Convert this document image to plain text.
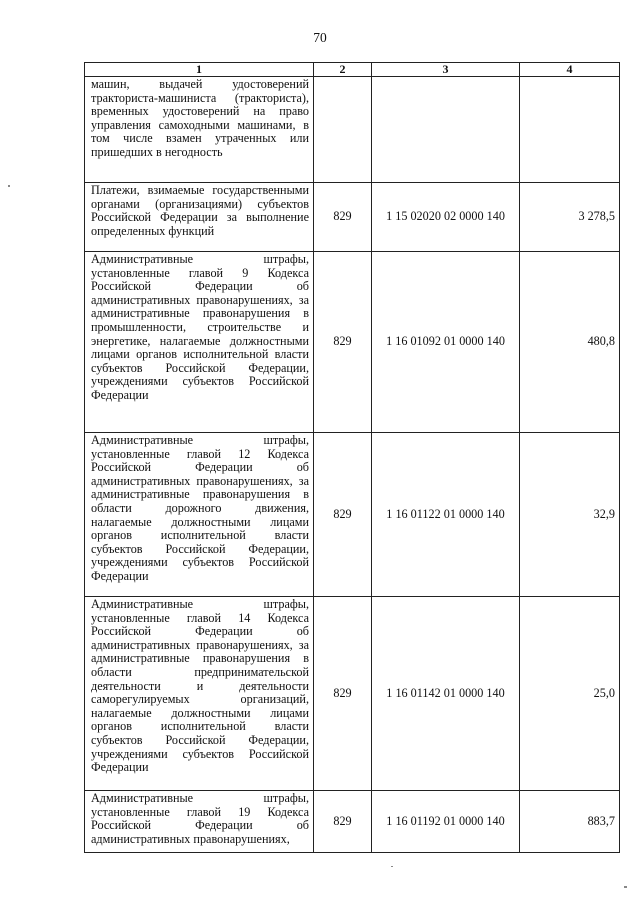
70
1	2	3	4
машин, выдачей удостоверений тракториста-машиниста (тракториста), временных удостоверений на право управления самоходными машинами, в том числе взамен утраченных или пришедших в негодность			
Платежи, взимаемые государственными органами (организациями) субъектов Российской Федерации за выполнение определенных функций	829	1 15 02020 02 0000 140	3 278,5
Административные штрафы, установленные главой 9 Кодекса Российской Федерации об административных правонарушениях, за административные правонарушения в промышленности, строительстве и энергетике, налагаемые должностными лицами органов исполнительной власти субъектов Российской Федерации, учреждениями субъектов Российской Федерации	829	1 16 01092 01 0000 140	480,8
Административные штрафы, установленные главой 12 Кодекса Российской Федерации об административных правонарушениях, за административные правонарушения в области дорожного движения, налагаемые должностными лицами органов исполнительной власти субъектов Российской Федерации, учреждениями субъектов Российской Федерации	829	1 16 01122 01 0000 140	32,9
Административные штрафы, установленные главой 14 Кодекса Российской Федерации об административных правонарушениях, за административные правонарушения в области предпринимательской деятельности и деятельности саморегулируемых организаций, налагаемые должностными лицами органов исполнительной власти субъектов Российской Федерации, учреждениями субъектов Российской Федерации	829	1 16 01142 01 0000 140	25,0
Административные штрафы, установленные главой 19 Кодекса Российской Федерации об административных правонарушениях,	829	1 16 01192 01 0000 140	883,7
